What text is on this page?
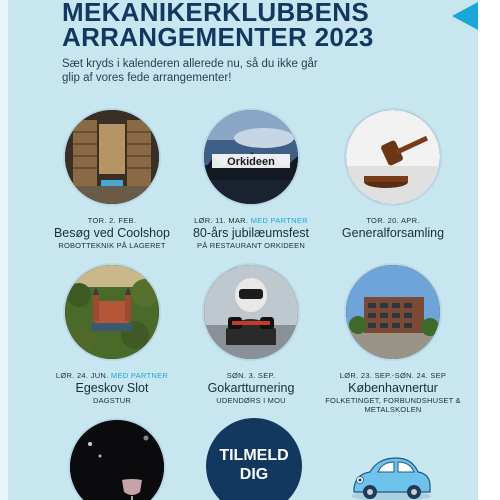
MEKANIKERKLUBBENS
ARRANGEMENTER 2023

Sæt kryds i kalenderen allerede nu, så du ikke går glip af vores fede arrangementer!

TOR. 2. FEB.
Besøg ved Coolshop
ROBOTTEKNIK PÅ LAGERET
Orkideen
LØR. 11. MAR. MED PARTNER
80-års jubilæumsfest
PÅ RESTAURANT ORKIDEEN
TOR. 20. APR.
Generalforsamling
LØR. 24. JUN. MED PARTNER
Egeskov Slot
DAGSTUR
SØN. 3. SEP.
Gokartturnering
UDENDØRS I MOU
LØR. 23. SEP.-SØN. 24. SEP
Københavnertur
FOLKETINGET, FORBUNDSHUSET & METALSKOLEN
TILMELD
DIG
